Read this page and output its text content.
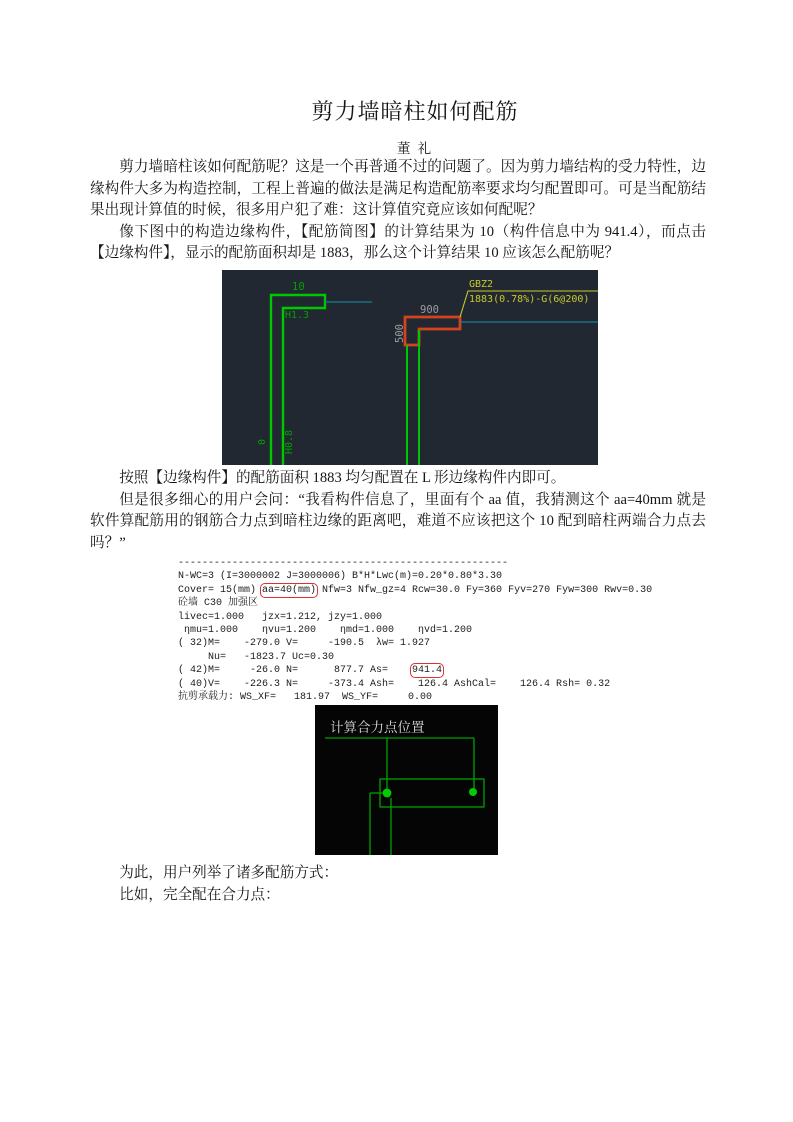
剪力墙暗柱如何配筋
董 礼

剪力墙暗柱该如何配筋呢？这是一个再普通不过的问题了。因为剪力墙结构的受力特性，边缘构件大多为构造控制，工程上普遍的做法是满足构造配筋率要求均匀配置即可。可是当配筋结果出现计算值的时候，很多用户犯了难：这计算值究竟应该如何配呢？

像下图中的构造边缘构件，【配筋简图】的计算结果为 10（构件信息中为 941.4），而点击【边缘构件】，显示的配筋面积却是 1883，那么这个计算结果 10 应该怎么配筋呢？

10
H1.3
0 H0.8
900
500
GBZ2
1883(0.78%)-G(6@200)

按照【边缘构件】的配筋面积 1883 均匀配置在 L 形边缘构件内即可。

但是很多细心的用户会问：“我看构件信息了，里面有个 aa 值，我猜测这个 aa=40mm 就是软件算配筋用的钢筋合力点到暗柱边缘的距离吧，难道不应该把这个 10 配到暗柱两端合力点去吗？”

-------------------------------------------------------
N-WC=3 (I=3000002 J=3000006) B*H*Lwc(m)=0.20*0.80*3.30
Cover= 15(mm) aa=40(mm) Nfw=3 Nfw_gz=4 Rcw=30.0 Fy=360 Fyv=270 Fyw=300 Rwv=0.30
砼墙 C30 加强区
livec=1.000   jzx=1.212, jzy=1.000
ηmu=1.000    ηvu=1.200    ηmd=1.000    ηvd=1.200
( 32)M=    -279.0 V=     -190.5  λw= 1.927
Nu=   -1823.7 Uc=0.30
( 42)M=     -26.0 N=      877.7 As=    941.4
( 40)V=    -226.3 N=     -373.4 Ash=    126.4 AshCal=    126.4 Rsh= 0.32
抗剪承载力: WS_XF=   181.97  WS_YF=     0.00
计算合力点位置

为此，用户列举了诸多配筋方式：

比如，完全配在合力点：
